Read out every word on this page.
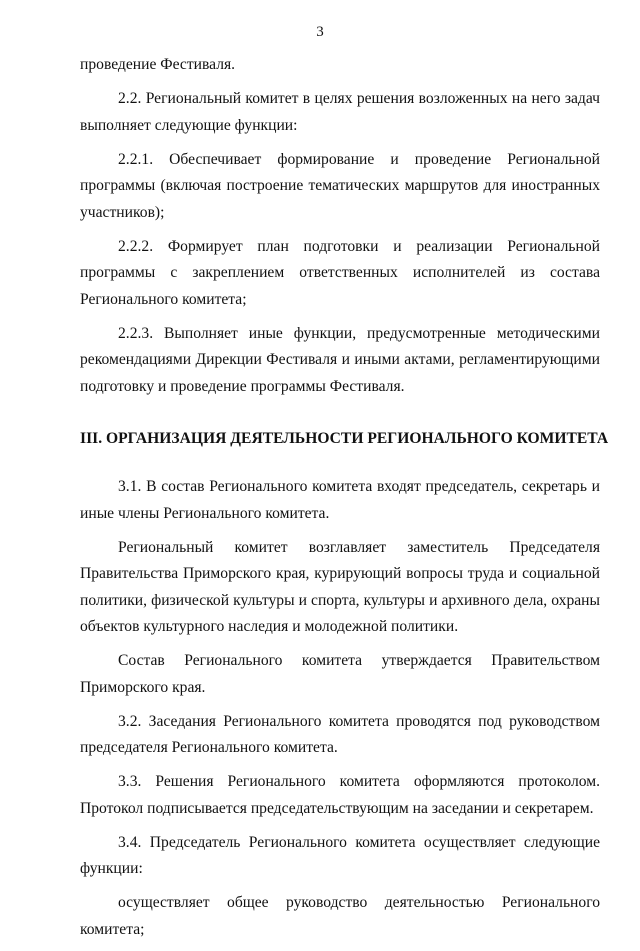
3

проведение Фестиваля.

2.2. Региональный комитет в целях решения возложенных на него задач выполняет следующие функции:

2.2.1. Обеспечивает формирование и проведение Региональной программы (включая построение тематических маршрутов для иностранных участников);

2.2.2. Формирует план подготовки и реализации Региональной программы с закреплением ответственных исполнителей из состава Регионального комитета;

2.2.3. Выполняет иные функции, предусмотренные методическими рекомендациями Дирекции Фестиваля и иными актами, регламентирующими подготовку и проведение программы Фестиваля.

III. ОРГАНИЗАЦИЯ ДЕЯТЕЛЬНОСТИ РЕГИОНАЛЬНОГО КОМИТЕТА

3.1. В состав Регионального комитета входят председатель, секретарь и иные члены Регионального комитета.

Региональный комитет возглавляет заместитель Председателя Правительства Приморского края, курирующий вопросы труда и социальной политики, физической культуры и спорта, культуры и архивного дела, охраны объектов культурного наследия и молодежной политики.

Состав Регионального комитета утверждается Правительством Приморского края.

3.2. Заседания Регионального комитета проводятся под руководством председателя Регионального комитета.

3.3. Решения Регионального комитета оформляются протоколом. Протокол подписывается председательствующим на заседании и секретарем.

3.4. Председатель Регионального комитета осуществляет следующие функции:

осуществляет общее руководство деятельностью Регионального комитета;
